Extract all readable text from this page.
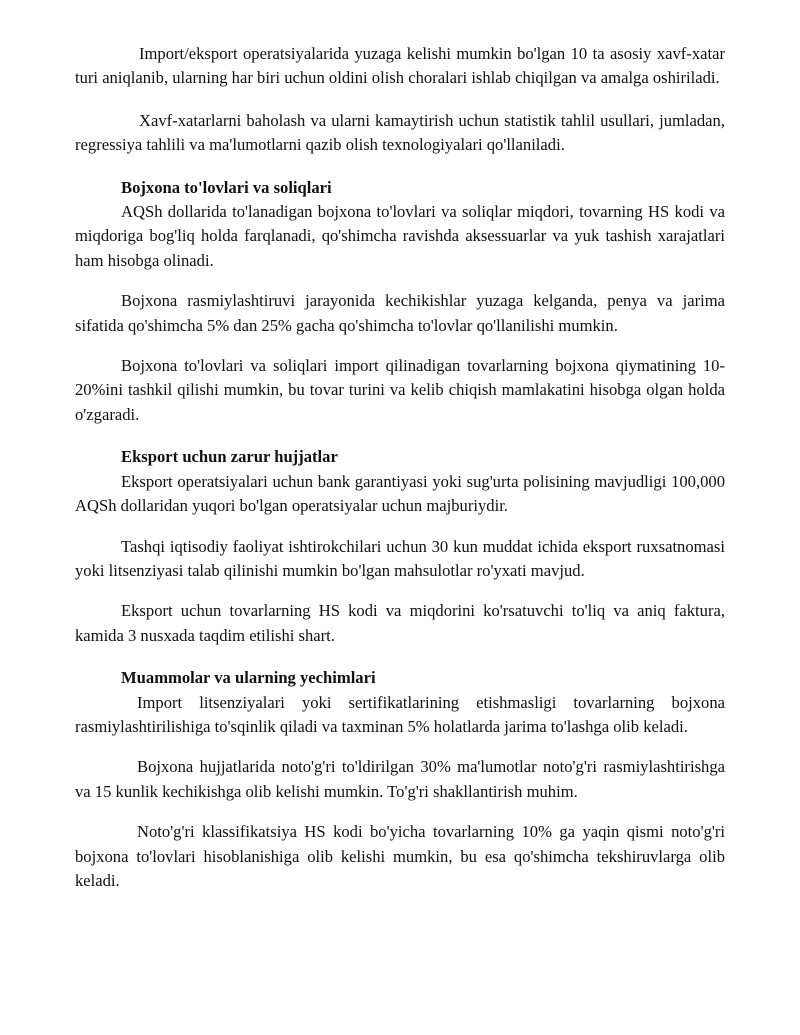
Import/eksport operatsiyalarida yuzaga kelishi mumkin bo'lgan 10 ta asosiy xavf-xatar turi aniqlanib, ularning har biri uchun oldini olish choralari ishlab chiqilgan va amalga oshiriladi.

Xavf-xatarlarni baholash va ularni kamaytirish uchun statistik tahlil usullari, jumladan, regressiya tahlili va ma'lumotlarni qazib olish texnologiyalari qo'llaniladi.

Bojxona to'lovlari va soliqlari

AQSh dollarida to'lanadigan bojxona to'lovlari va soliqlar miqdori, tovarning HS kodi va miqdoriga bog'liq holda farqlanadi, qo'shimcha ravishda aksessuarlar va yuk tashish xarajatlari ham hisobga olinadi.

Bojxona rasmiylashtiruvi jarayonida kechikishlar yuzaga kelganda, penya va jarima sifatida qo'shimcha 5% dan 25% gacha qo'shimcha to'lovlar qo'llanilishi mumkin.

Bojxona to'lovlari va soliqlari import qilinadigan tovarlarning bojxona qiymatining 10-20%ini tashkil qilishi mumkin, bu tovar turini va kelib chiqish mamlakatini hisobga olgan holda o'zgaradi.

Eksport uchun zarur hujjatlar

Eksport operatsiyalari uchun bank garantiyasi yoki sug'urta polisining mavjudligi 100,000 AQSh dollaridan yuqori bo'lgan operatsiyalar uchun majburiydir.

Tashqi iqtisodiy faoliyat ishtirokchilari uchun 30 kun muddat ichida eksport ruxsatnomasi yoki litsenziyasi talab qilinishi mumkin bo'lgan mahsulotlar ro'yxati mavjud.

Eksport uchun tovarlarning HS kodi va miqdorini ko'rsatuvchi to'liq va aniq faktura, kamida 3 nusxada taqdim etilishi shart.

Muammolar va ularning yechimlari

Import litsenziyalari yoki sertifikatlarining etishmasligi tovarlarning bojxona rasmiylashtirilishiga to'sqinlik qiladi va taxminan 5% holatlarda jarima to'lashga olib keladi.

Bojxona hujjatlarida noto'g'ri to'ldirilgan 30% ma'lumotlar noto'g'ri rasmiylashtirishga va 15 kunlik kechikishga olib kelishi mumkin. To'g'ri shakllantirish muhim.

Noto'g'ri klassifikatsiya HS kodi bo'yicha tovarlarning 10% ga yaqin qismi noto'g'ri bojxona to'lovlari hisoblanishiga olib kelishi mumkin, bu esa qo'shimcha tekshiruvlarga olib keladi.
